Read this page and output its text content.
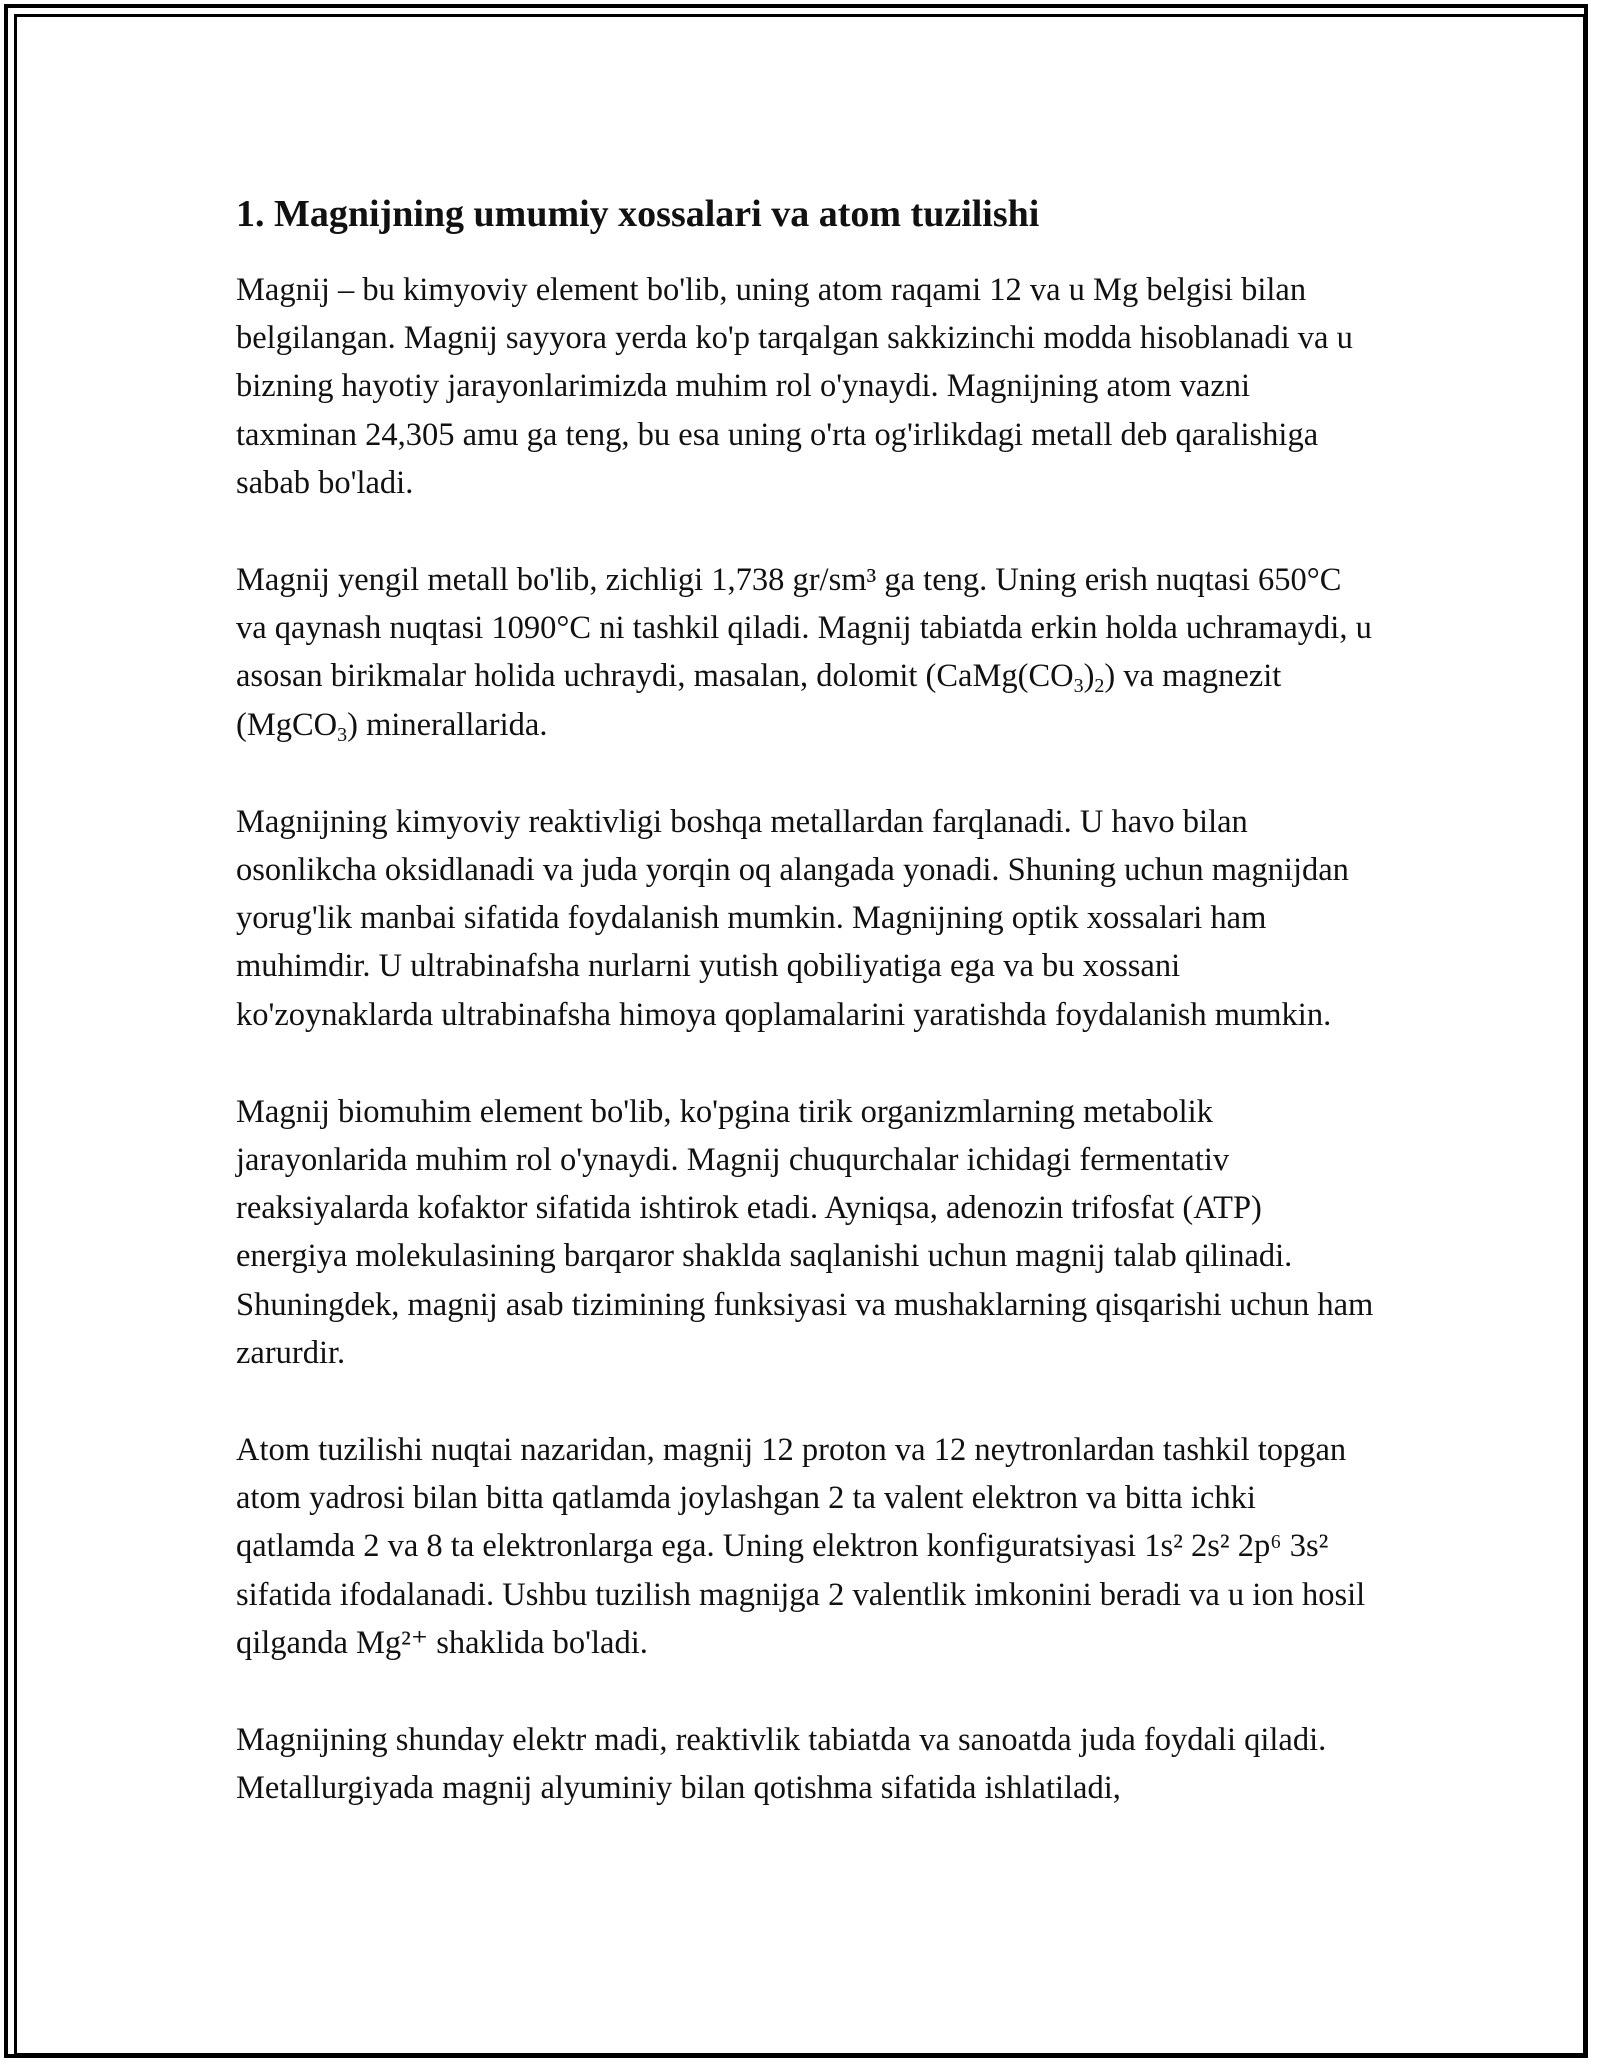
1. Magnijning umumiy xossalari va atom tuzilishi

Magnij – bu kimyoviy element bo'lib, uning atom raqami 12 va u Mg belgisi bilan belgilangan. Magnij sayyora yerda ko'p tarqalgan sakkizinchi modda hisoblanadi va u bizning hayotiy jarayonlarimizda muhim rol o'ynaydi. Magnijning atom vazni taxminan 24,305 amu ga teng, bu esa uning o'rta og'irlikdagi metall deb qaralishiga sabab bo'ladi.

Magnij yengil metall bo'lib, zichligi 1,738 gr/sm³ ga teng. Uning erish nuqtasi 650°C va qaynash nuqtasi 1090°C ni tashkil qiladi. Magnij tabiatda erkin holda uchramaydi, u asosan birikmalar holida uchraydi, masalan, dolomit $(CaMg(CO_3)_2)$ va magnezit (MgCO$_3$) minerallarida.

Magnijning kimyoviy reaktivligi boshqa metallardan farqlanadi. U havo bilan osonlikcha oksidlanadi va juda yorqin oq alangada yonadi. Shuning uchun magnijdan yorug'lik manbai sifatida foydalanish mumkin. Magnijning optik xossalari ham muhimdir. U ultrabinafsha nurlarni yutish qobiliyatiga ega va bu xossani ko'zoynaklarda ultrabinafsha himoya qoplamalarini yaratishda foydalanish mumkin.

Magnij biomuhim element bo'lib, ko'pgina tirik organizmlarning metabolik jarayonlarida muhim rol o'ynaydi. Magnij chuqurchalar ichidagi fermentativ reaksiyalarda kofaktor sifatida ishtirok etadi. Ayniqsa, adenozin trifosfat (ATP) energiya molekulasining barqaror shaklda saqlanishi uchun magnij talab qilinadi. Shuningdek, magnij asab tizimining funksiyasi va mushaklarning qisqarishi uchun ham zarurdir.

Atom tuzilishi nuqtai nazaridan, magnij 12 proton va 12 neytronlardan tashkil topgan atom yadrosi bilan bitta qatlamda joylashgan 2 ta valent elektron va bitta ichki qatlamda 2 va 8 ta elektronlarga ega. Uning elektron konfiguratsiyasi 1s² 2s² 2p⁶ 3s² sifatida ifodalanadi. Ushbu tuzilish magnijga 2 valentlik imkonini beradi va u ion hosil qilganda Mg²⁺ shaklida bo'ladi.

Magnijning shunday elektr madi, reaktivlik tabiatda va sanoatda juda foydali qiladi. Metallurgiyada magnij alyuminiy bilan qotishma sifatida ishlatiladi,
